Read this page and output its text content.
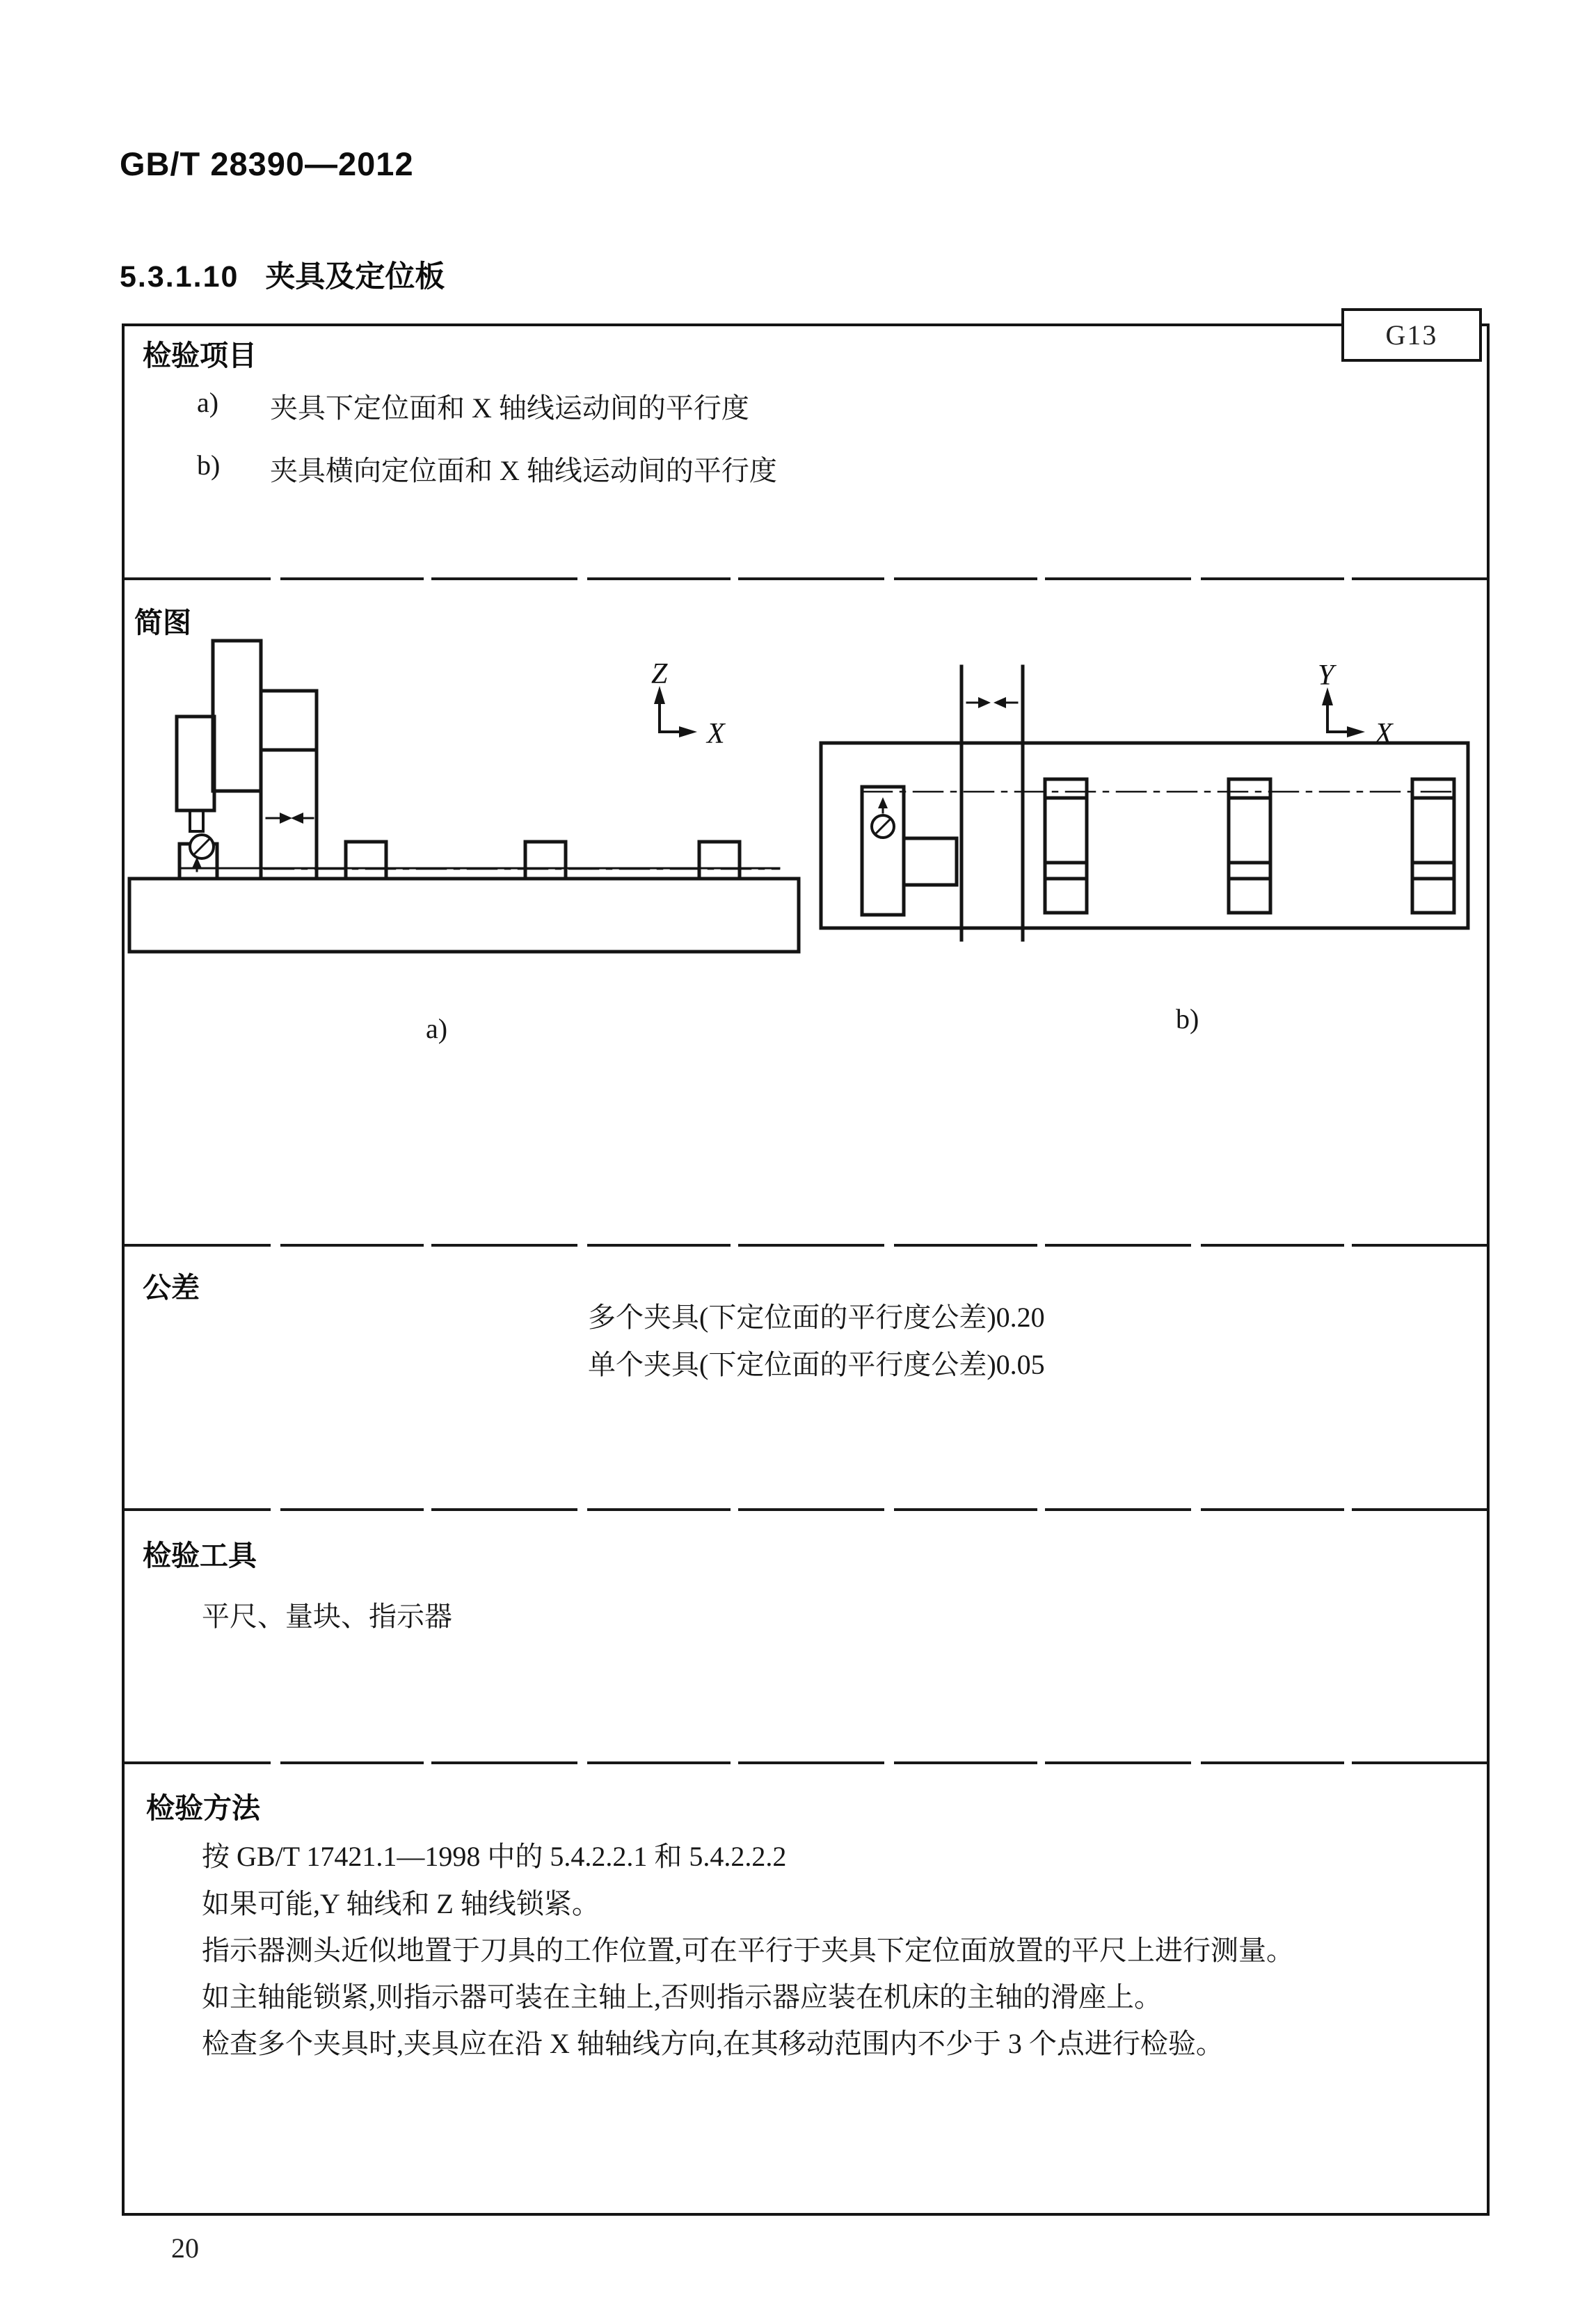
GB/T 28390—2012
5.3.1.10 夹具及定位板
G13
检验项目
a)	夹具下定位面和 X 轴线运动间的平行度
b)	夹具横向定位面和 X 轴线运动间的平行度
简图
Z
X
Y
X
a)	b)
公差
多个夹具(下定位面的平行度公差)0.20
单个夹具(下定位面的平行度公差)0.05
检验工具
平尺、量块、指示器
检验方法
按 GB/T 17421.1—1998 中的 5.4.2.2.1 和 5.4.2.2.2
如果可能,Y 轴线和 Z 轴线锁紧。
指示器测头近似地置于刀具的工作位置,可在平行于夹具下定位面放置的平尺上进行测量。
如主轴能锁紧,则指示器可装在主轴上,否则指示器应装在机床的主轴的滑座上。
检查多个夹具时,夹具应在沿 X 轴轴线方向,在其移动范围内不少于 3 个点进行检验。
20
